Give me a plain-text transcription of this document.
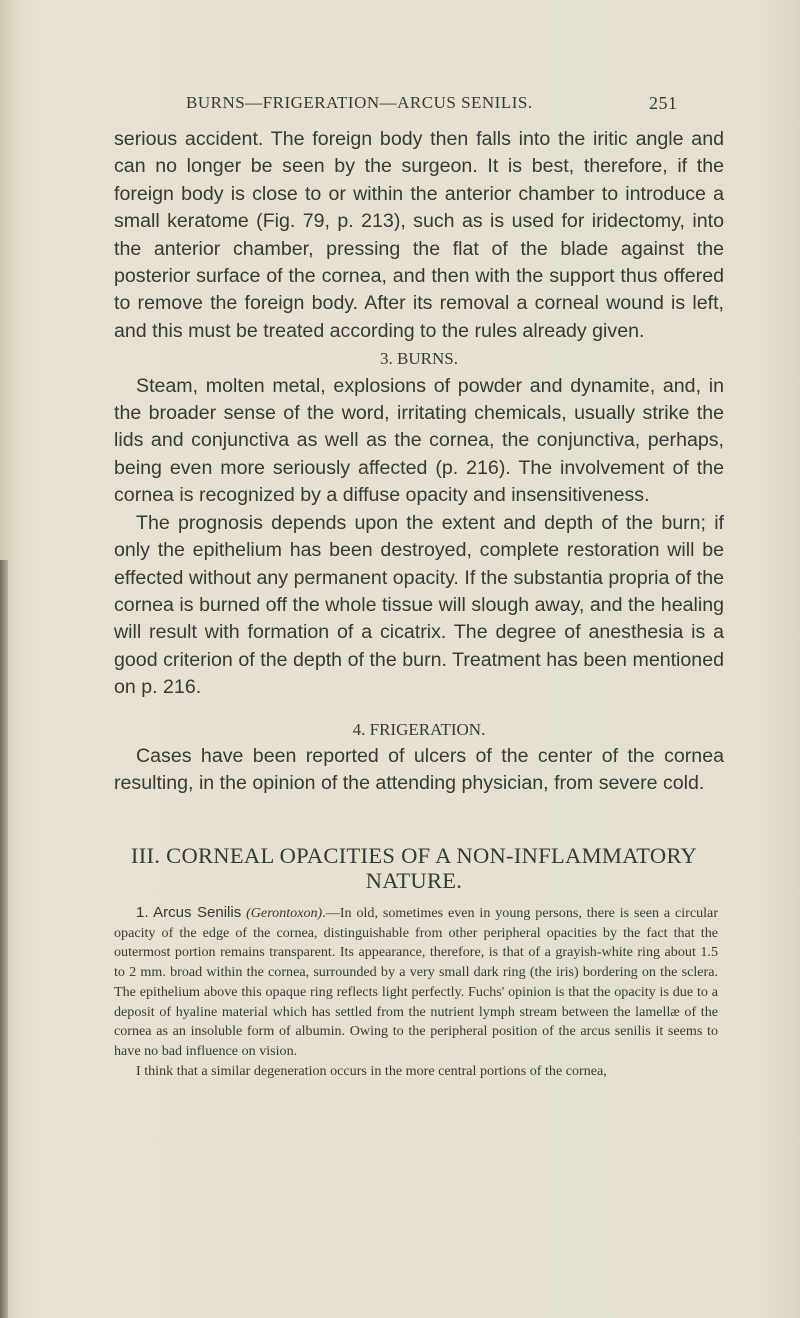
BURNS—FRIGERATION—ARCUS SENILIS.	251

serious accident. The foreign body then falls into the iritic angle and can no longer be seen by the surgeon. It is best, therefore, if the foreign body is close to or within the anterior chamber to introduce a small keratome (Fig. 79, p. 213), such as is used for iridectomy, into the anterior chamber, pressing the flat of the blade against the posterior surface of the cornea, and then with the support thus offered to remove the foreign body. After its removal a corneal wound is left, and this must be treated according to the rules already given.

3. BURNS.

Steam, molten metal, explosions of powder and dynamite, and, in the broader sense of the word, irritating chemicals, usually strike the lids and conjunctiva as well as the cornea, the conjunctiva, perhaps, being even more seriously affected (p. 216). The involvement of the cornea is recognized by a diffuse opacity and insensitiveness.

The prognosis depends upon the extent and depth of the burn; if only the epithelium has been destroyed, complete restoration will be effected without any permanent opacity. If the substantia propria of the cornea is burned off the whole tissue will slough away, and the healing will result with formation of a cicatrix. The degree of anesthesia is a good criterion of the depth of the burn. Treatment has been mentioned on p. 216.

4. FRIGERATION.

Cases have been reported of ulcers of the center of the cornea resulting, in the opinion of the attending physician, from severe cold.

III. CORNEAL OPACITIES OF A NON-INFLAMMATORY NATURE.

1. Arcus Senilis (Gerontoxon).—In old, sometimes even in young persons, there is seen a circular opacity of the edge of the cornea, distinguishable from other peripheral opacities by the fact that the outermost portion remains transparent. Its appearance, therefore, is that of a grayish-white ring about 1.5 to 2 mm. broad within the cornea, surrounded by a very small dark ring (the iris) bordering on the sclera. The epithelium above this opaque ring reflects light perfectly. Fuchs' opinion is that the opacity is due to a deposit of hyaline material which has settled from the nutrient lymph stream between the lamellæ of the cornea as an insoluble form of albumin. Owing to the peripheral position of the arcus senilis it seems to have no bad influence on vision.

I think that a similar degeneration occurs in the more central portions of the cornea,
